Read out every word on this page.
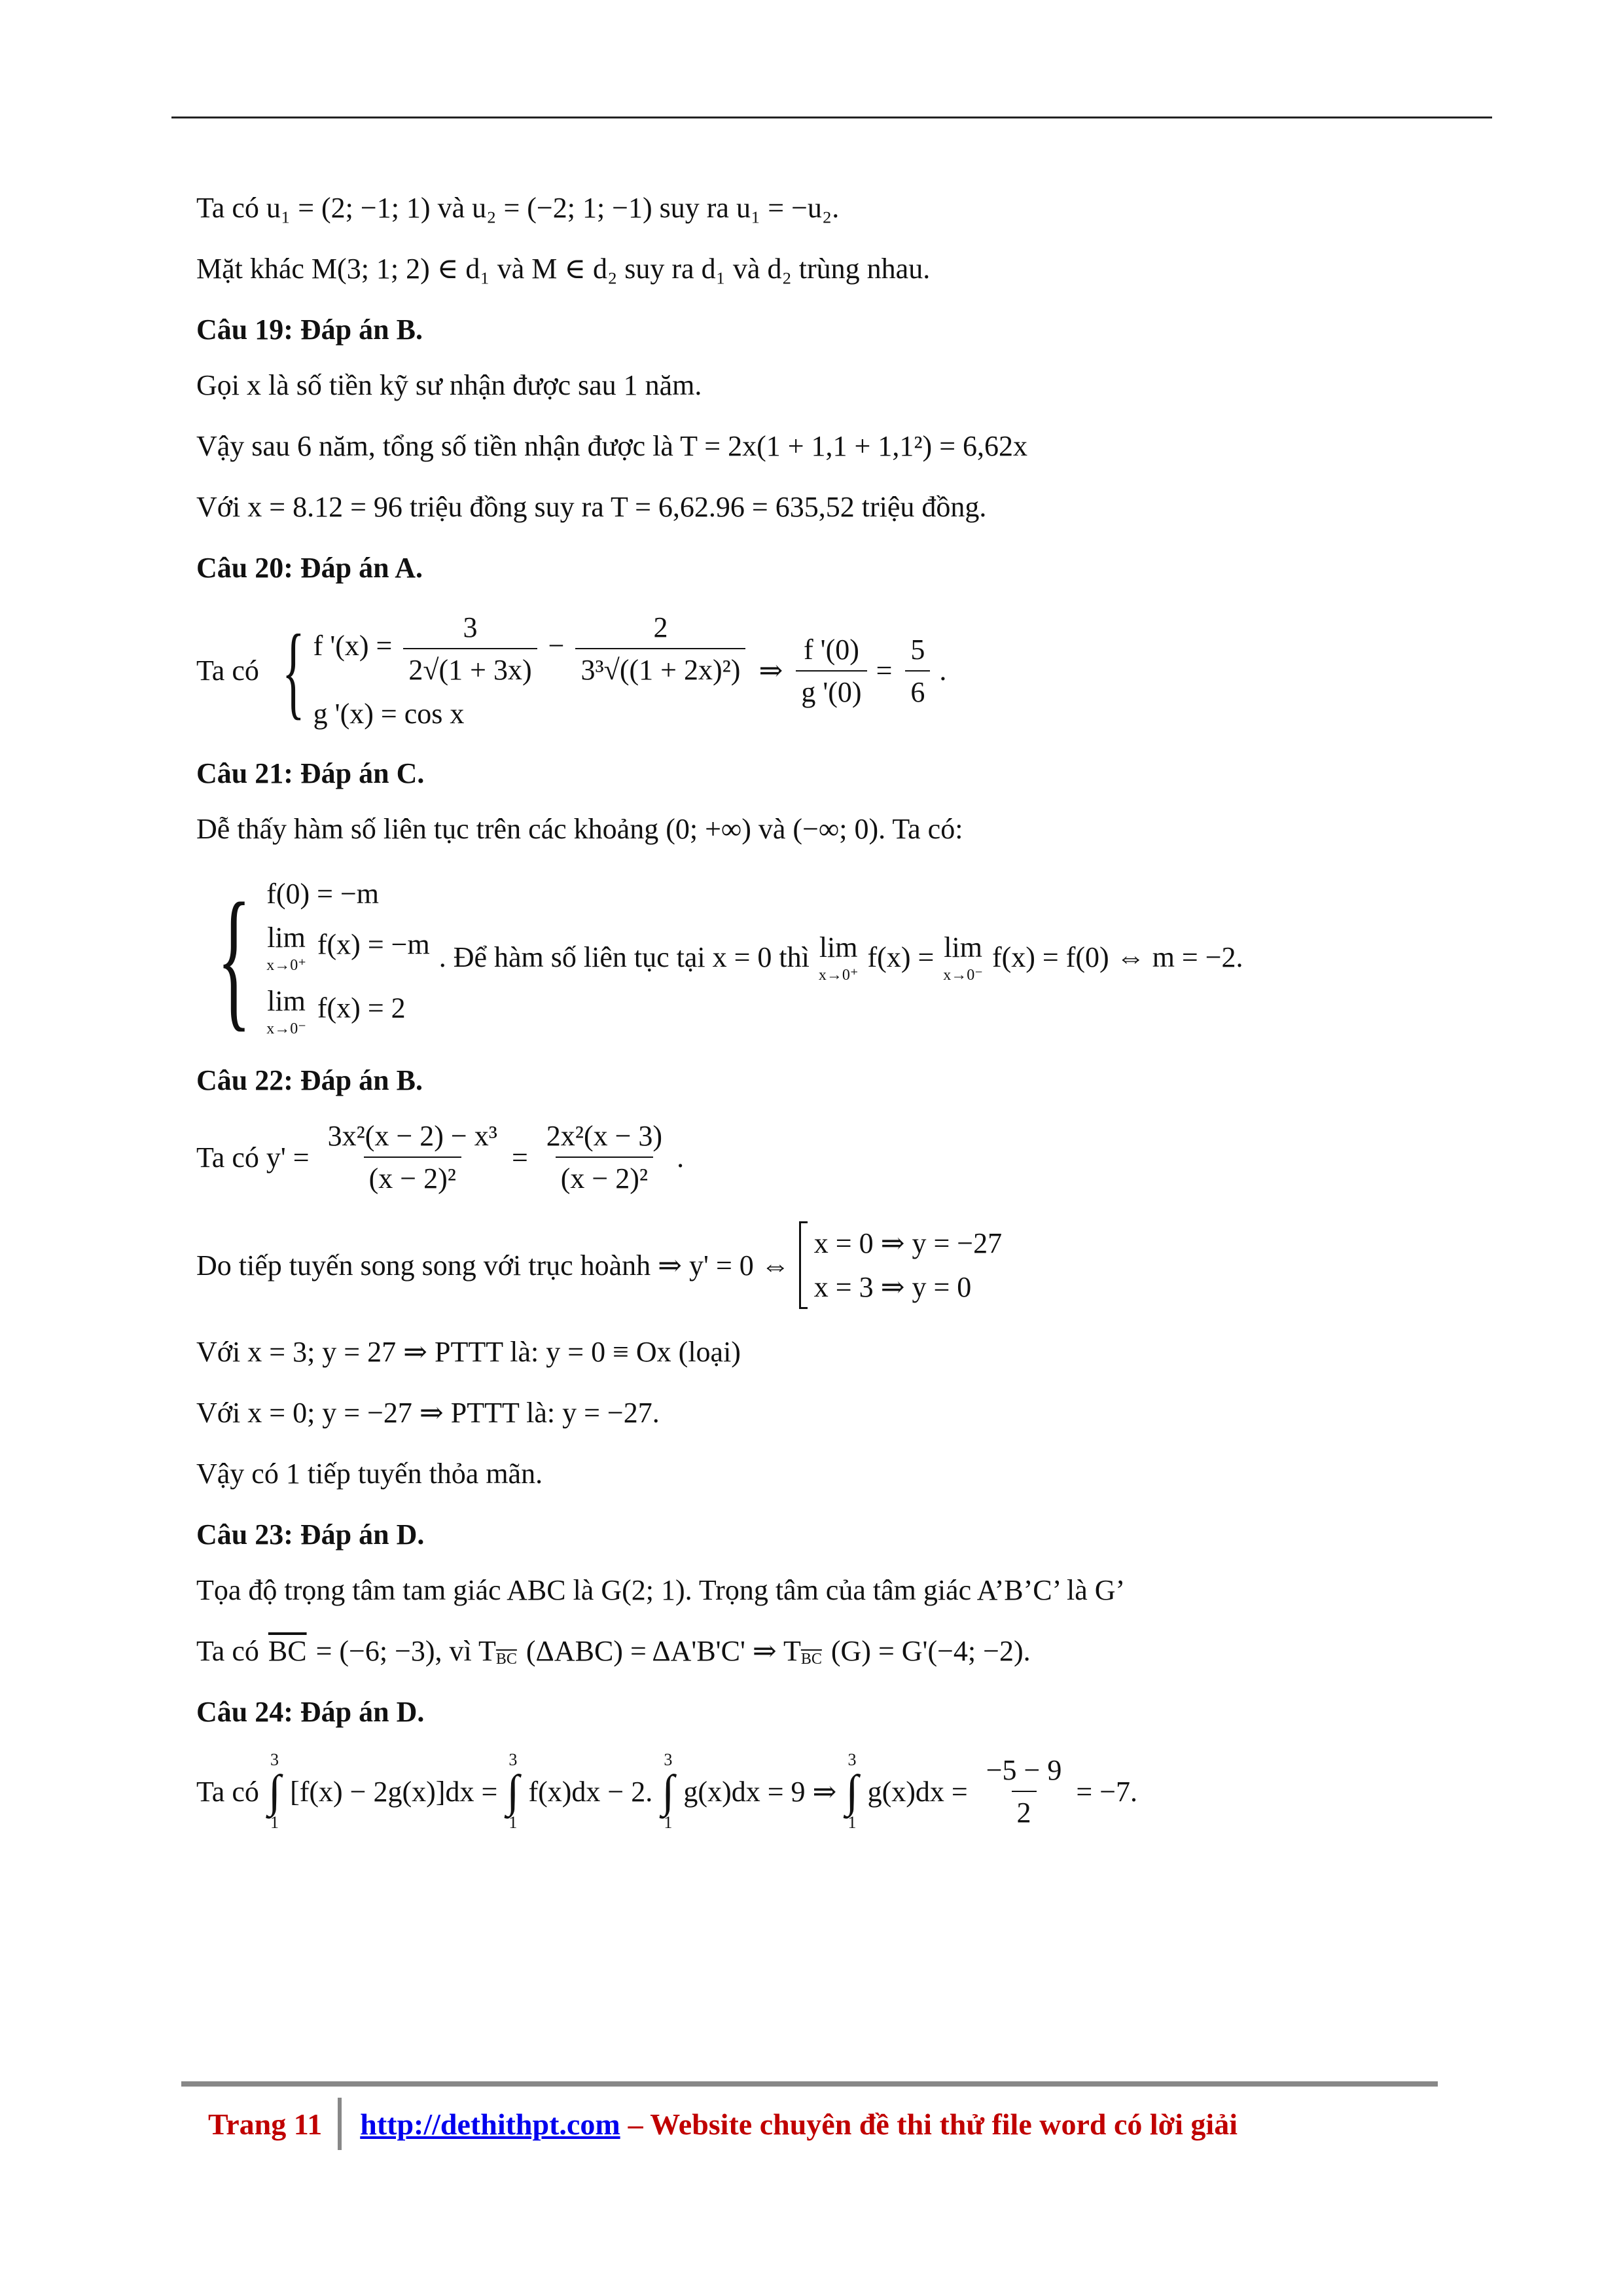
Ta có u₁ = (2; −1; 1) và u₂ = (−2; 1; −1) suy ra u₁ = −u₂.
Mặt khác M(3; 1; 2) ∈ d₁ và M ∈ d₂ suy ra d₁ và d₂ trùng nhau.
Câu 19: Đáp án B.
Gọi x là số tiền kỹ sư nhận được sau 1 năm.
Vậy sau 6 năm, tổng số tiền nhận được là T = 2x(1 + 1,1 + 1,1²) = 6,62x
Với x = 8.12 = 96 triệu đồng suy ra T = 6,62.96 = 635,52 triệu đồng.
Câu 20: Đáp án A.
Ta có { f '$(x) = \frac{3}{2√(1 + 3x)} - \frac{2}{\text{3³√((1 + 2x)²)}}$
g '(x) = cos x
⇒ $\frac{f '(0)}{g '(0)} = \frac{5}{6}$ .
Câu 21: Đáp án C.
Dễ thấy hàm số liên tục trên các khoảng (0; +∞) và (−∞; 0). Ta có:
{ f(0) = −m
lim
x→0⁺
f(x) = −m
lim
x→0⁻
f(x) = 2
. Để hàm số liên tục tại x = 0 thì lim
x→0⁺
f(x) = lim
x→0⁻
f(x) = f(0) ⇔ m = −2.
Câu 22: Đáp án B.
Ta có $y' = \frac{\text{3x²(x − 2) − x³}}{\text{(x − 2)²}} = \frac{\text{2x²(x − 3)}}{\text{(x − 2)²}}$ .
Do tiếp tuyến song song với trục hoành ⇒ y' = 0 ⇔
x = 0 ⇒ y = −27
x = 3 ⇒ y = 0
Với x = 3; y = 27 ⇒ PTTT là: y = 0 ≡ Ox (loại)
Với x = 0; y = −27 ⇒ PTTT là: y = −27.
Vậy có 1 tiếp tuyến thỏa mãn.
Câu 23: Đáp án D.
Tọa độ trọng tâm tam giác ABC là G(2; 1). Trọng tâm của tâm giác A’B’C’ là G’
Ta có $\overline{BC} = (-6$; −3), vì T $\overline{BC}$ (ΔABC) = ΔA'B'C' ⇒ T $\overline{BC}$ (G) = G'(−4; −2).
Câu 24: Đáp án D.
Ta có
3
∫
1
[f(x) − 2g(x)]dx =
3
∫
1
f(x)dx − 2.
3
∫
1
g(x)dx = 9 ⇒
3
∫
1
$g(x)dx = \frac{-5 - 9}{2} = -7$.
Trang 11 http://dethithpt.com – Website chuyên đề thi thử file word có lời giải
